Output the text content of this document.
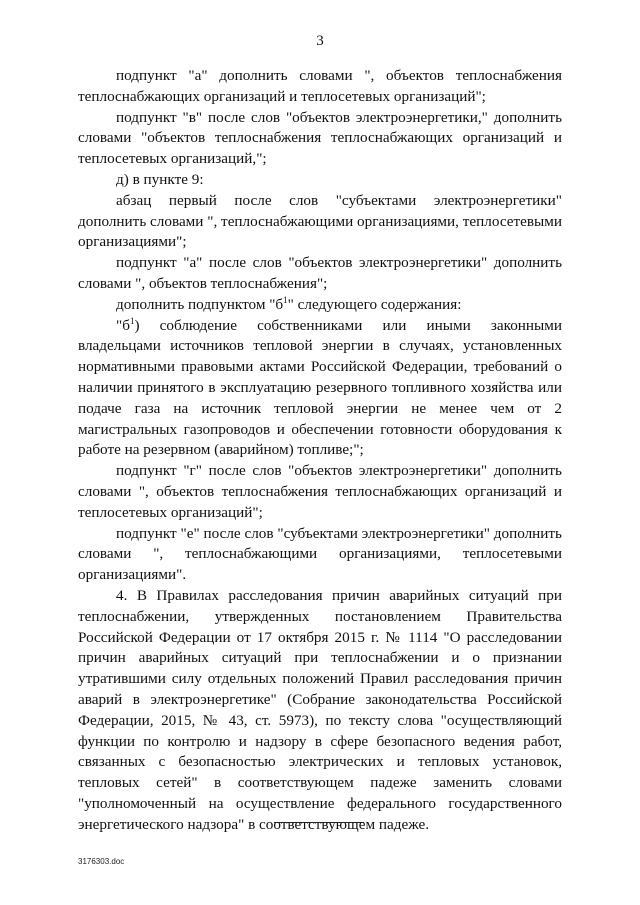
3

подпункт "а" дополнить словами ", объектов теплоснабжения теплоснабжающих организаций и теплосетевых организаций";

подпункт "в" после слов "объектов электроэнергетики," дополнить словами "объектов теплоснабжения теплоснабжающих организаций и теплосетевых организаций,";

д) в пункте 9:

абзац первый после слов "субъектами электроэнергетики" дополнить словами ", теплоснабжающими организациями, теплосетевыми организациями";

подпункт "а" после слов "объектов электроэнергетики" дополнить словами ", объектов теплоснабжения";

дополнить подпунктом "$б^1$" следующего содержания:

"$б^1$) соблюдение собственниками или иными законными владельцами источников тепловой энергии в случаях, установленных нормативными правовыми актами Российской Федерации, требований о наличии принятого в эксплуатацию резервного топливного хозяйства или подаче газа на источник тепловой энергии не менее чем от 2 магистральных газопроводов и обеспечении готовности оборудования к работе на резервном (аварийном) топливе;";

подпункт "г" после слов "объектов электроэнергетики" дополнить словами ", объектов теплоснабжения теплоснабжающих организаций и теплосетевых организаций";

подпункт "е" после слов "субъектами электроэнергетики" дополнить словами ", теплоснабжающими организациями, теплосетевыми организациями".

4. В Правилах расследования причин аварийных ситуаций при теплоснабжении, утвержденных постановлением Правительства Российской Федерации от 17 октября 2015 г. № 1114 "О расследовании причин аварийных ситуаций при теплоснабжении и о признании утратившими силу отдельных положений Правил расследования причин аварий в электроэнергетике" (Собрание законодательства Российской Федерации, 2015, № 43, ст. 5973), по тексту слова "осуществляющий функции по контролю и надзору в сфере безопасного ведения работ, связанных с безопасностью электрических и тепловых установок, тепловых сетей" в соответствующем падеже заменить словами "уполномоченный на осуществление федерального государственного энергетического надзора" в соответствующем падеже.

3176303.doc
